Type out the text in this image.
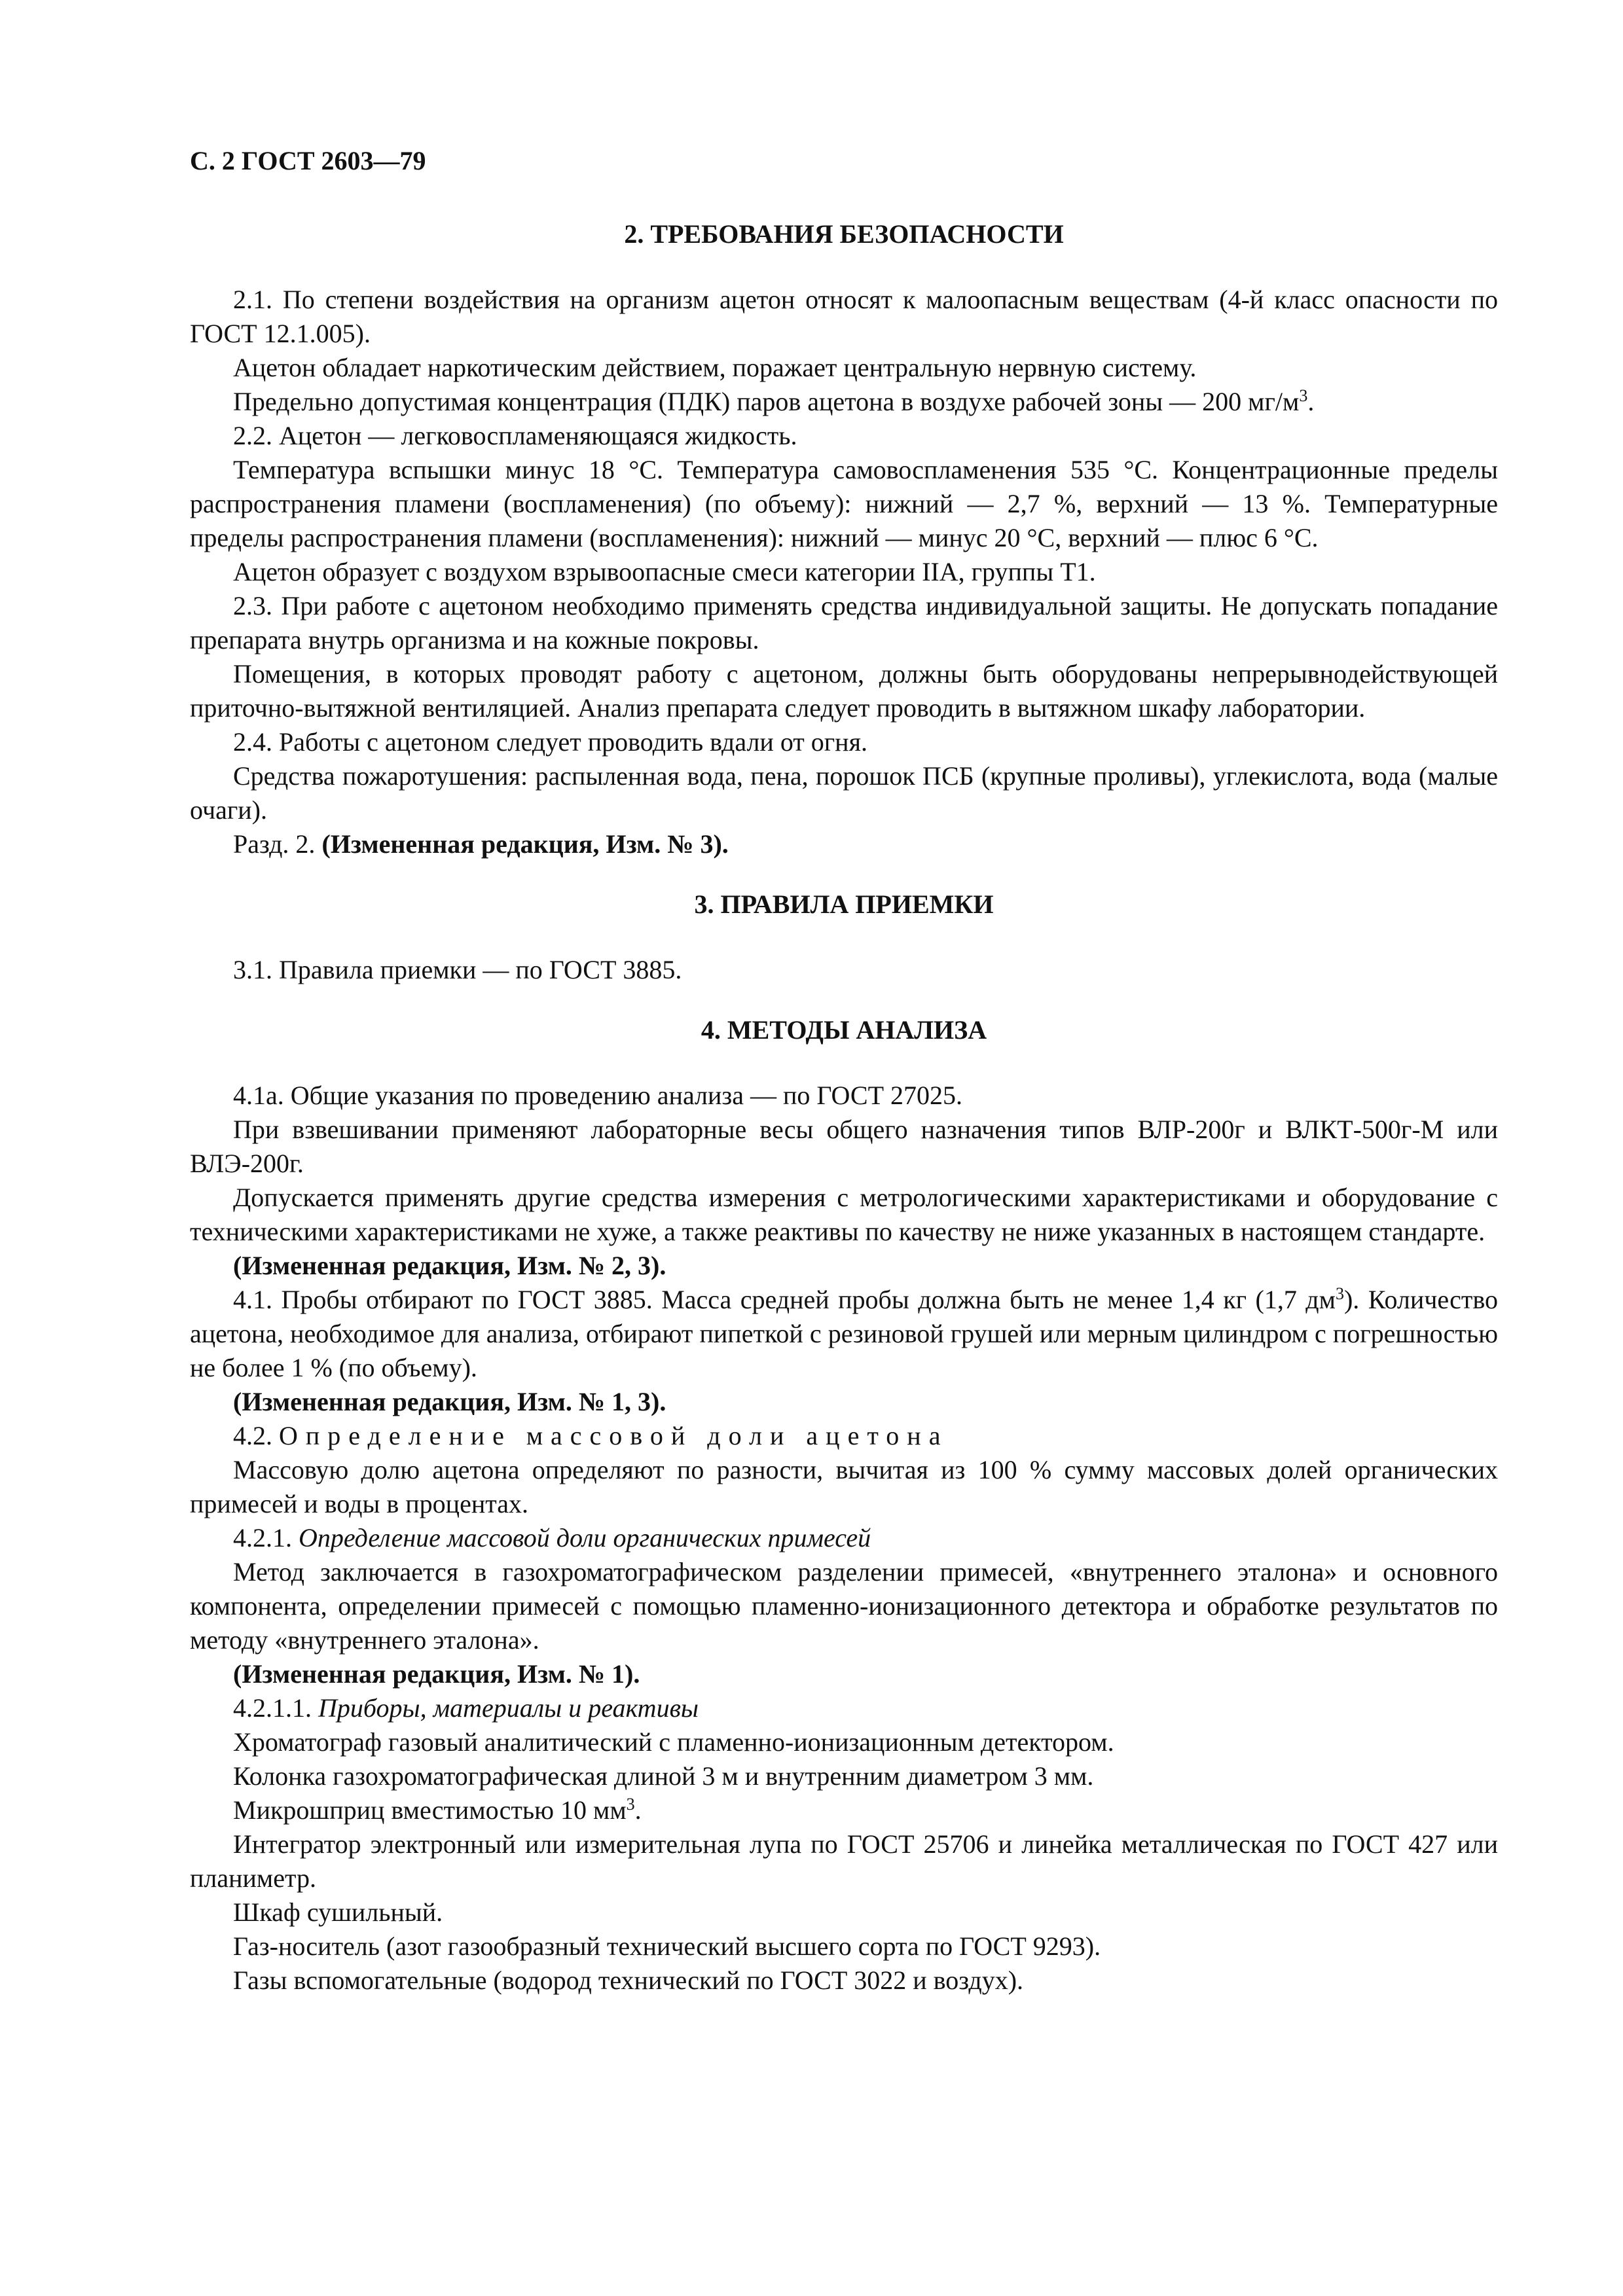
С. 2 ГОСТ 2603—79
2. ТРЕБОВАНИЯ БЕЗОПАСНОСТИ

2.1. По степени воздействия на организм ацетон относят к малоопасным веществам (4-й класс опасности по ГОСТ 12.1.005).

Ацетон обладает наркотическим действием, поражает центральную нервную систему.

Предельно допустимая концентрация (ПДК) паров ацетона в воздухе рабочей зоны — 200 $мг/м^3$.

2.2. Ацетон — легковоспламеняющаяся жидкость.

Температура вспышки минус 18 °С. Температура самовоспламенения 535 °С. Концентрационные пределы распространения пламени (воспламенения) (по объему): нижний — 2,7 %, верхний — 13 %. Температурные пределы распространения пламени (воспламенения): нижний — минус 20 °С, верхний — плюс 6 °С.

Ацетон образует с воздухом взрывоопасные смеси категории IIA, группы T1.

2.3. При работе с ацетоном необходимо применять средства индивидуальной защиты. Не допускать попадание препарата внутрь организма и на кожные покровы.

Помещения, в которых проводят работу с ацетоном, должны быть оборудованы непрерывнодействующей приточно-вытяжной вентиляцией. Анализ препарата следует проводить в вытяжном шкафу лаборатории.

2.4. Работы с ацетоном следует проводить вдали от огня.

Средства пожаротушения: распыленная вода, пена, порошок ПСБ (крупные проливы), углекислота, вода (малые очаги).

Разд. 2. (Измененная редакция, Изм. № 3).

3. ПРАВИЛА ПРИЕМКИ

3.1. Правила приемки — по ГОСТ 3885.

4. МЕТОДЫ АНАЛИЗА

4.1а. Общие указания по проведению анализа — по ГОСТ 27025.

При взвешивании применяют лабораторные весы общего назначения типов ВЛР-200г и ВЛКТ-500г-М или ВЛЭ-200г.

Допускается применять другие средства измерения с метрологическими характеристиками и оборудование с техническими характеристиками не хуже, а также реактивы по качеству не ниже указанных в настоящем стандарте.

(Измененная редакция, Изм. № 2, 3).

4.1. Пробы отбирают по ГОСТ 3885. Масса средней пробы должна быть не менее 1,4 кг (1,7 $дм^3$). Количество ацетона, необходимое для анализа, отбирают пипеткой с резиновой грушей или мерным цилиндром с погрешностью не более 1 % (по объему).

(Измененная редакция, Изм. № 1, 3).

4.2. Определение массовой доли ацетона

Массовую долю ацетона определяют по разности, вычитая из 100 % сумму массовых долей органических примесей и воды в процентах.

4.2.1. Определение массовой доли органических примесей

Метод заключается в газохроматографическом разделении примесей, «внутреннего эталона» и основного компонента, определении примесей с помощью пламенно-ионизационного детектора и обработке результатов по методу «внутреннего эталона».

(Измененная редакция, Изм. № 1).

4.2.1.1. Приборы, материалы и реактивы

Хроматограф газовый аналитический с пламенно-ионизационным детектором.

Колонка газохроматографическая длиной 3 м и внутренним диаметром 3 мм.

Микрошприц вместимостью 10 $мм^3$.

Интегратор электронный или измерительная лупа по ГОСТ 25706 и линейка металлическая по ГОСТ 427 или планиметр.

Шкаф сушильный.

Газ-носитель (азот газообразный технический высшего сорта по ГОСТ 9293).

Газы вспомогательные (водород технический по ГОСТ 3022 и воздух).
